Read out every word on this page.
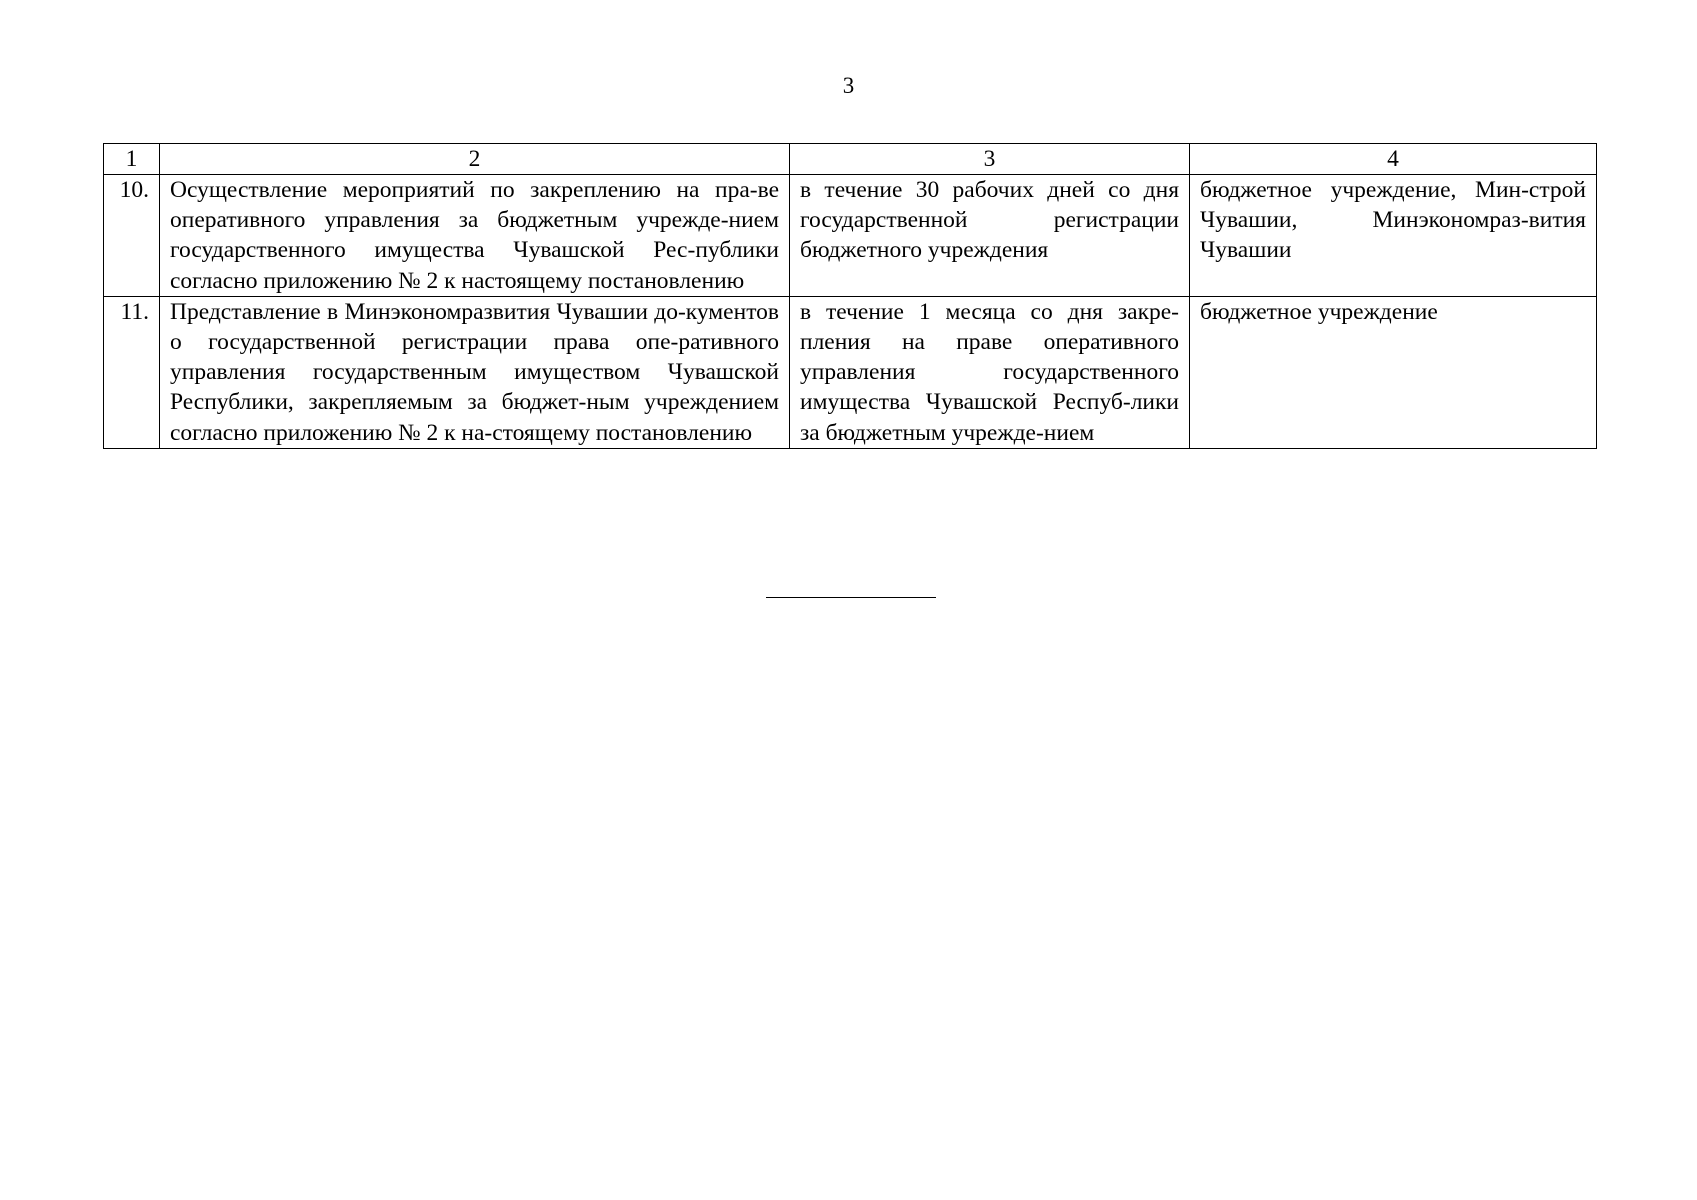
3
1	2	3	4
10.	Осуществление мероприятий по закреплению на пра-ве оперативного управления за бюджетным учрежде-нием государственного имущества Чувашской Рес-публики согласно приложению № 2 к настоящему постановлению	в течение 30 рабочих дней со дня государственной регистрации бюджетного учреждения	бюджетное учреждение, Мин-строй Чувашии, Минэкономраз-вития Чувашии
11.	Представление в Минэкономразвития Чувашии до-кументов о государственной регистрации права опе-ративного управления государственным имуществом Чувашской Республики, закрепляемым за бюджет-ным учреждением согласно приложению № 2 к на-стоящему постановлению	в течение 1 месяца со дня закре-пления на праве оперативного управления государственного имущества Чувашской Респуб-лики за бюджетным учрежде-нием	бюджетное учреждение
